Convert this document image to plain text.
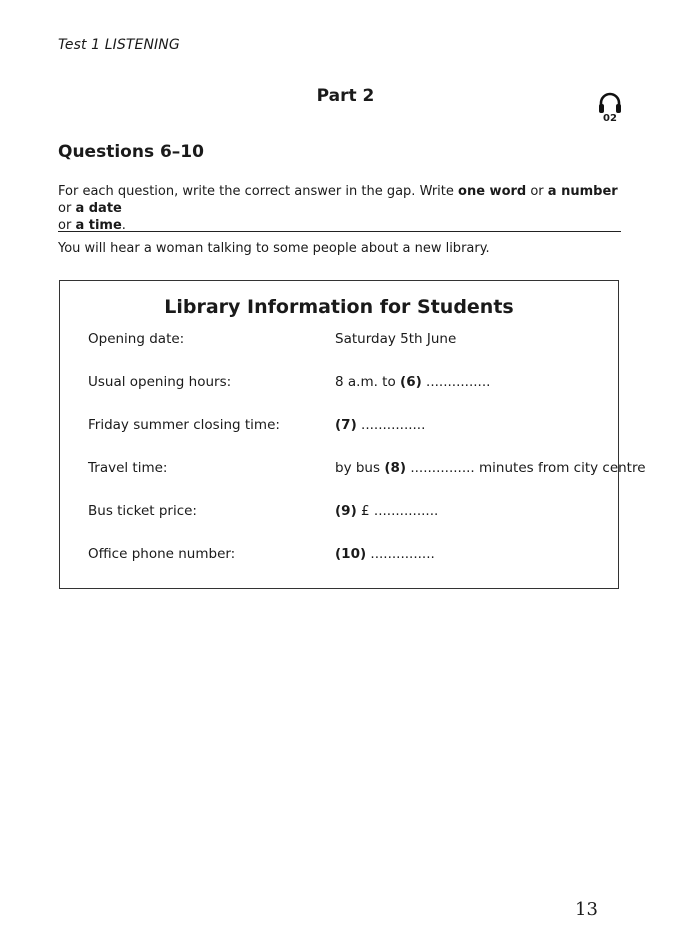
Test 1 LISTENING
Part 2
02
Questions 6–10
For each question, write the correct answer in the gap. Write one word or a number or a date
or a time.
You will hear a woman talking to some people about a new library.
Library Information for Students
Opening date:	Saturday 5th June
Usual opening hours:	8 a.m. to (6) ...............
Friday summer closing time:	(7) ...............
Travel time:	by bus (8) ............... minutes from city centre
Bus ticket price:	(9) £ ...............
Office phone number:	(10) ...............
13
